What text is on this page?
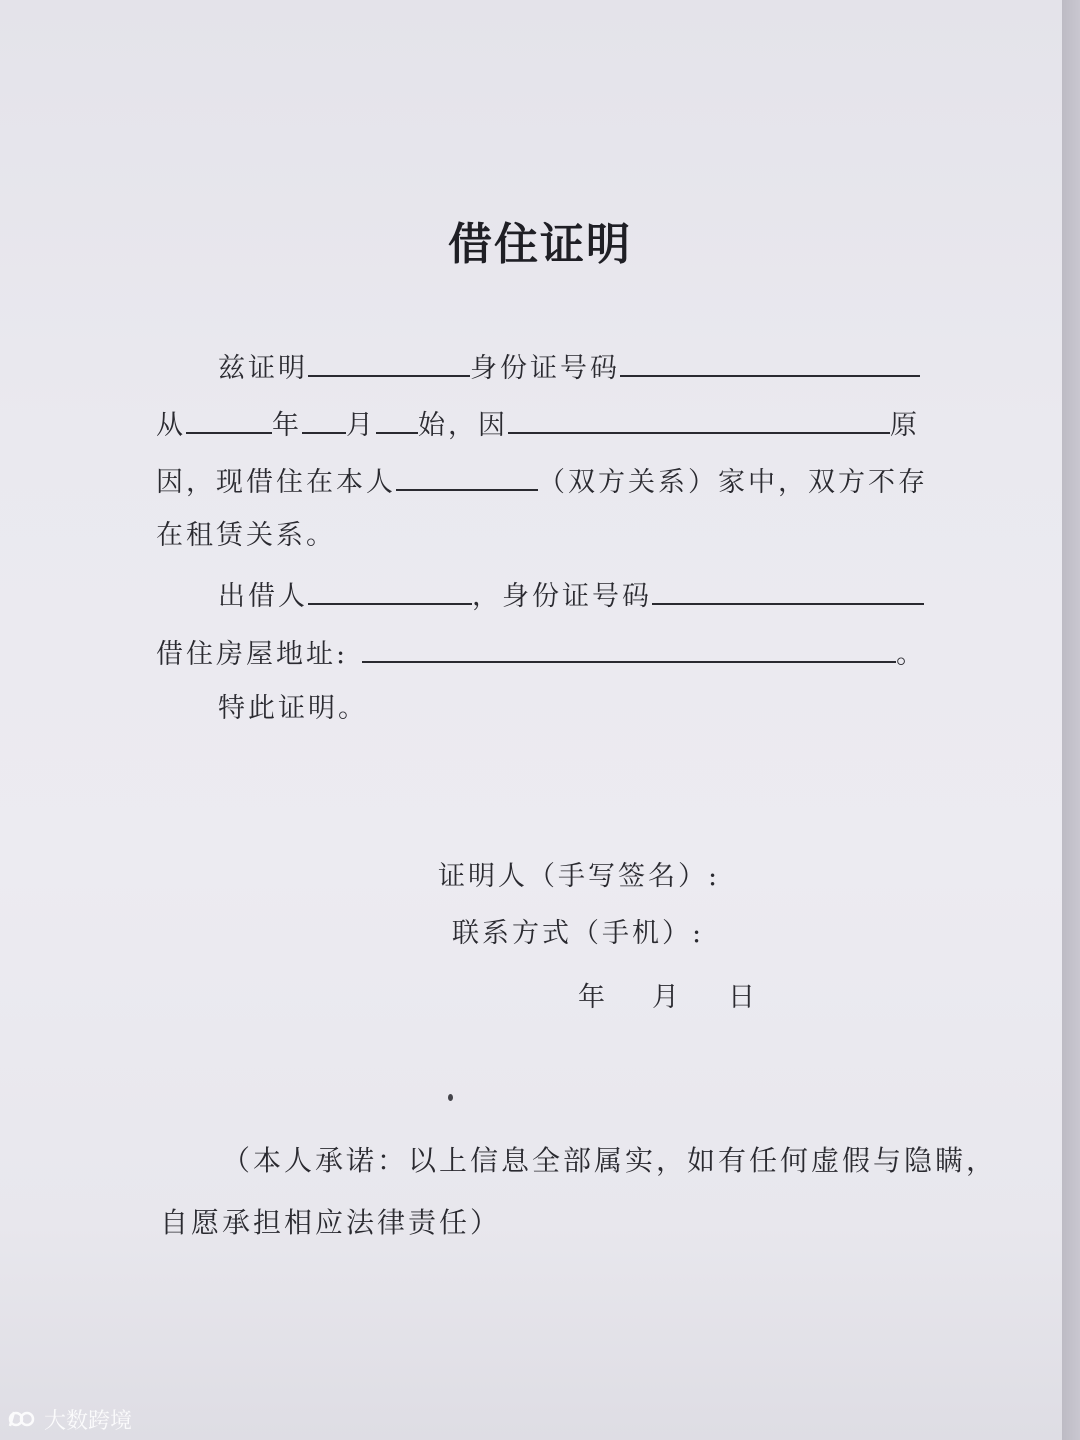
借住证明
兹证明	身份证号码
从	年 月 始，因	原
因，现借住在本人	（双方关系）家中，双方不存
在租赁关系。
出借人	，身份证号码
借住房屋地址:	。
特此证明。
证明人（手写签名）:
联系方式（手机）:
年 月 日
（本人承诺：以上信息全部属实，如有任何虚假与隐瞒，
自愿承担相应法律责任）
大数跨境
